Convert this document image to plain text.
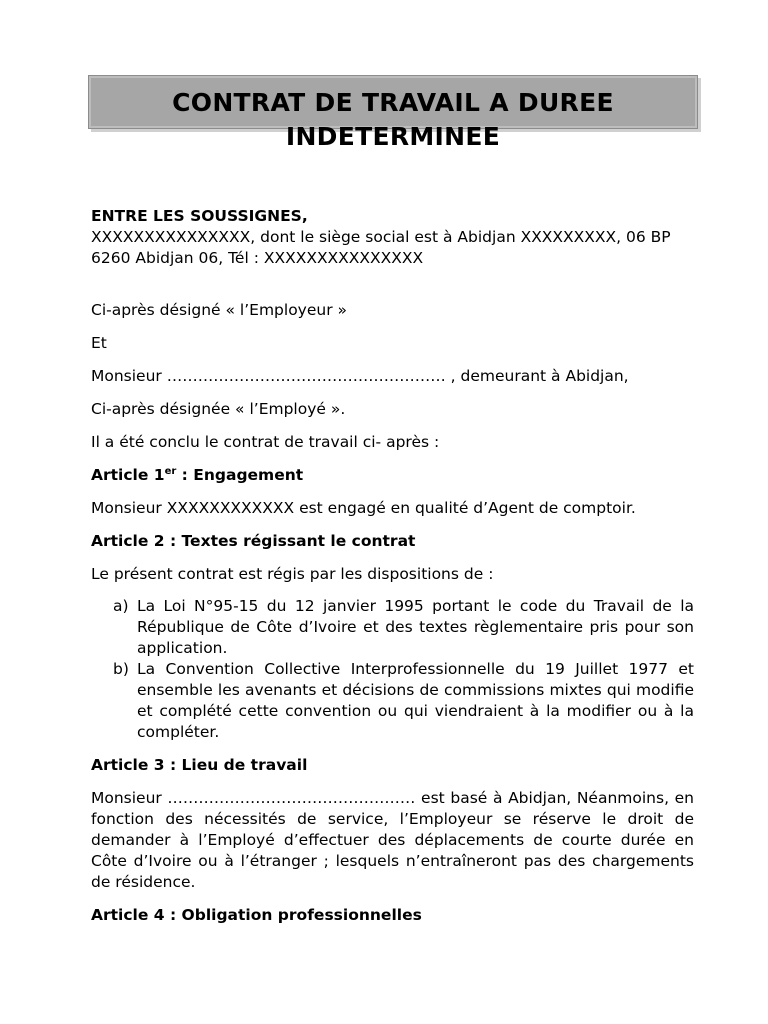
CONTRAT DE TRAVAIL A DUREE
INDETERMINEE

ENTRE LES SOUSSIGNES,

XXXXXXXXXXXXXXX, dont le siège social est à Abidjan XXXXXXXXX, 06 BP 6260 Abidjan 06, Tél : XXXXXXXXXXXXXXX

Ci-après désigné « l’Employeur »

Et

Monsieur ……………………………………………… , demeurant à Abidjan,

Ci-après désignée « l’Employé ».

Il a été conclu le contrat de travail ci- après :

Article 1er : Engagement

Monsieur XXXXXXXXXXXX est engagé en qualité d’Agent de comptoir.

Article 2 : Textes régissant le contrat

Le présent contrat est régis par les dispositions de :

a) La Loi N°95-15 du 12 janvier 1995 portant le code du Travail de la République de Côte d’Ivoire et des textes règlementaire pris pour son application.
b) La Convention Collective Interprofessionnelle du 19 Juillet 1977 et ensemble les avenants et décisions de commissions mixtes qui modifie et complété cette convention ou qui viendraient à la modifier ou à la compléter.

Article 3 : Lieu de travail

Monsieur ………………………………………… est basé à Abidjan, Néanmoins, en fonction des nécessités de service, l’Employeur se réserve le droit de demander à l’Employé d’effectuer des déplacements de courte durée en Côte d’Ivoire ou à l’étranger ; lesquels n’entraîneront pas des chargements de résidence.

Article 4 : Obligation professionnelles
